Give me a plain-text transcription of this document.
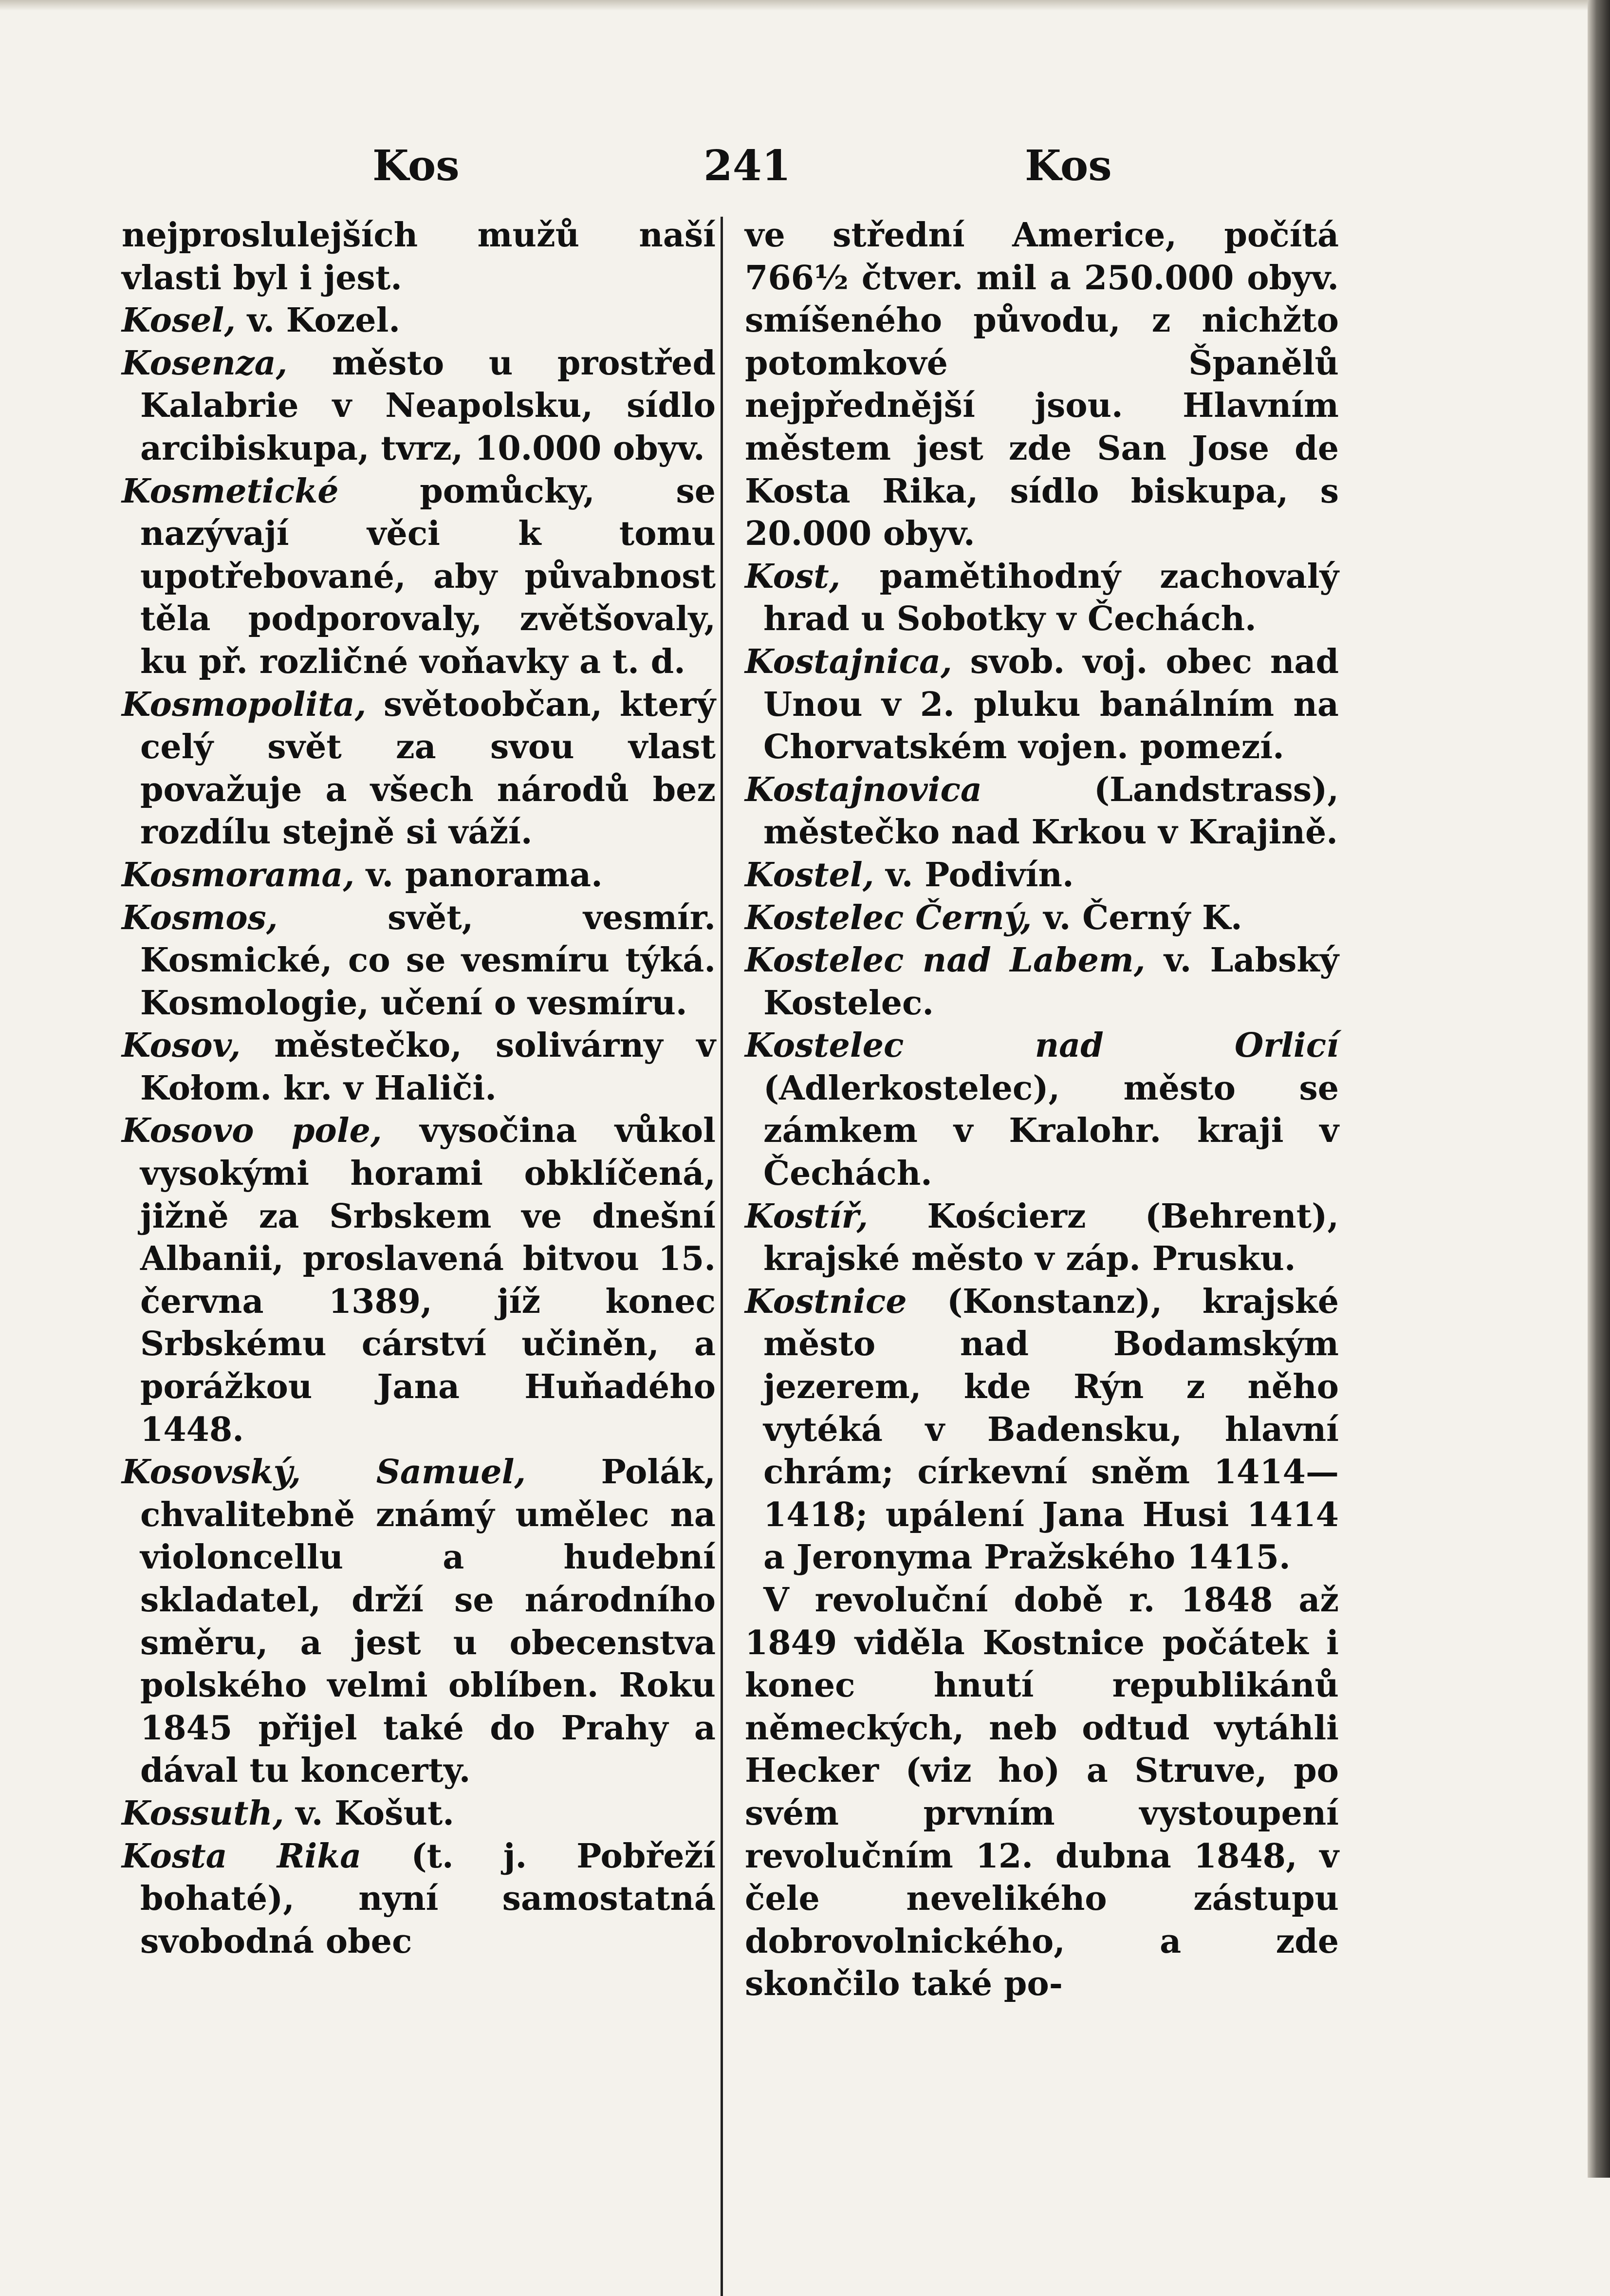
Kos	241	Kos

nejproslulejších mužů naší vlasti byl i jest.

Kosel, v. Kozel.

Kosenza, město u prostřed Kalabrie v Neapolsku, sídlo arcibiskupa, tvrz, 10.000 obyv.

Kosmetické pomůcky, se nazývají věci k tomu upotřebované, aby půvabnost těla podporovaly, zvětšovaly, ku př. rozličné voňavky a t. d.

Kosmopolita, světoobčan, který celý svět za svou vlast považuje a všech národů bez rozdílu stejně si váží.

Kosmorama, v. panorama.

Kosmos, svět, vesmír. Kosmické, co se vesmíru týká. Kosmologie, učení o vesmíru.

Kosov, městečko, solivárny v Kołom. kr. v Haliči.

Kosovo pole, vysočina vůkol vysokými horami obklíčená, jižně za Srbskem ve dnešní Albanii, proslavená bitvou 15. června 1389, jíž konec Srbskému cárství učiněn, a porážkou Jana Huňadého 1448.

Kosovský, Samuel, Polák, chvalitebně známý umělec na violoncellu a hudební skladatel, drží se národního směru, a jest u obecenstva polského velmi oblíben. Roku 1845 přijel také do Prahy a dával tu koncerty.

Kossuth, v. Košut.

Kosta Rika (t. j. Pobřeží bohaté), nyní samostatná svobodná obec

ve střední Americe, počítá 766½ čtver. mil a 250.000 obyv. smíšeného původu, z nichžto potomkové Španělů nejpřednější jsou. Hlavním městem jest zde San Jose de Kosta Rika, sídlo biskupa, s 20.000 obyv.

Kost, pamětihodný zachovalý hrad u Sobotky v Čechách.

Kostajnica, svob. voj. obec nad Unou v 2. pluku banálním na Chorvatském vojen. pomezí.

Kostajnovica (Landstrass), městečko nad Krkou v Krajině.

Kostel, v. Podivín.

Kostelec Černý, v. Černý K.

Kostelec nad Labem, v. Labský Kostelec.

Kostelec nad Orlicí (Adlerkostelec), město se zámkem v Kralohr. kraji v Čechách.

Kostíř, Kościerz (Behrent), krajské město v záp. Prusku.

Kostnice (Konstanz), krajské město nad Bodamským jezerem, kde Rýn z něho vytéká v Badensku, hlavní chrám; církevní sněm 1414—1418; upálení Jana Husi 1414 a Jeronyma Pražského 1415.

V revoluční době r. 1848 až 1849 viděla Kostnice počátek i konec hnutí republikánů německých, neb odtud vytáhli Hecker (viz ho) a Struve, po svém prvním vystoupení revolučním 12. dubna 1848, v čele nevelikého zástupu dobrovolnického, a zde skončilo také po-
